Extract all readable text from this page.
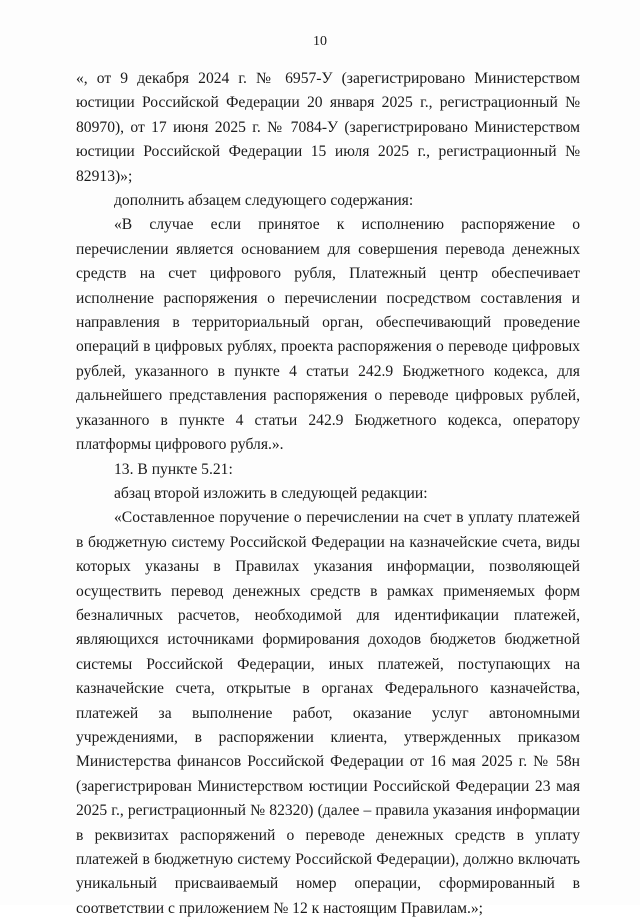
10

«, от 9 декабря 2024 г. № 6957-У (зарегистрировано Министерством юстиции Российской Федерации 20 января 2025 г., регистрационный № 80970), от 17 июня 2025 г. № 7084-У (зарегистрировано Министерством юстиции Российской Федерации 15 июля 2025 г., регистрационный № 82913)»;

дополнить абзацем следующего содержания:

«В случае если принятое к исполнению распоряжение о перечислении является основанием для совершения перевода денежных средств на счет цифрового рубля, Платежный центр обеспечивает исполнение распоряжения о перечислении посредством составления и направления в территориальный орган, обеспечивающий проведение операций в цифровых рублях, проекта распоряжения о переводе цифровых рублей, указанного в пункте 4 статьи 242.9 Бюджетного кодекса, для дальнейшего представления распоряжения о переводе цифровых рублей, указанного в пункте 4 статьи 242.9 Бюджетного кодекса, оператору платформы цифрового рубля.».

13. В пункте 5.21:

абзац второй изложить в следующей редакции:

«Составленное поручение о перечислении на счет в уплату платежей в бюджетную систему Российской Федерации на казначейские счета, виды которых указаны в Правилах указания информации, позволяющей осуществить перевод денежных средств в рамках применяемых форм безналичных расчетов, необходимой для идентификации платежей, являющихся источниками формирования доходов бюджетов бюджетной системы Российской Федерации, иных платежей, поступающих на казначейские счета, открытые в органах Федерального казначейства, платежей за выполнение работ, оказание услуг автономными учреждениями, в распоряжении клиента, утвержденных приказом Министерства финансов Российской Федерации от 16 мая 2025 г. № 58н (зарегистрирован Министерством юстиции Российской Федерации 23 мая 2025 г., регистрационный № 82320) (далее – правила указания информации в реквизитах распоряжений о переводе денежных средств в уплату платежей в бюджетную систему Российской Федерации), должно включать уникальный присваиваемый номер операции, сформированный в соответствии с приложением № 12 к настоящим Правилам.»;
